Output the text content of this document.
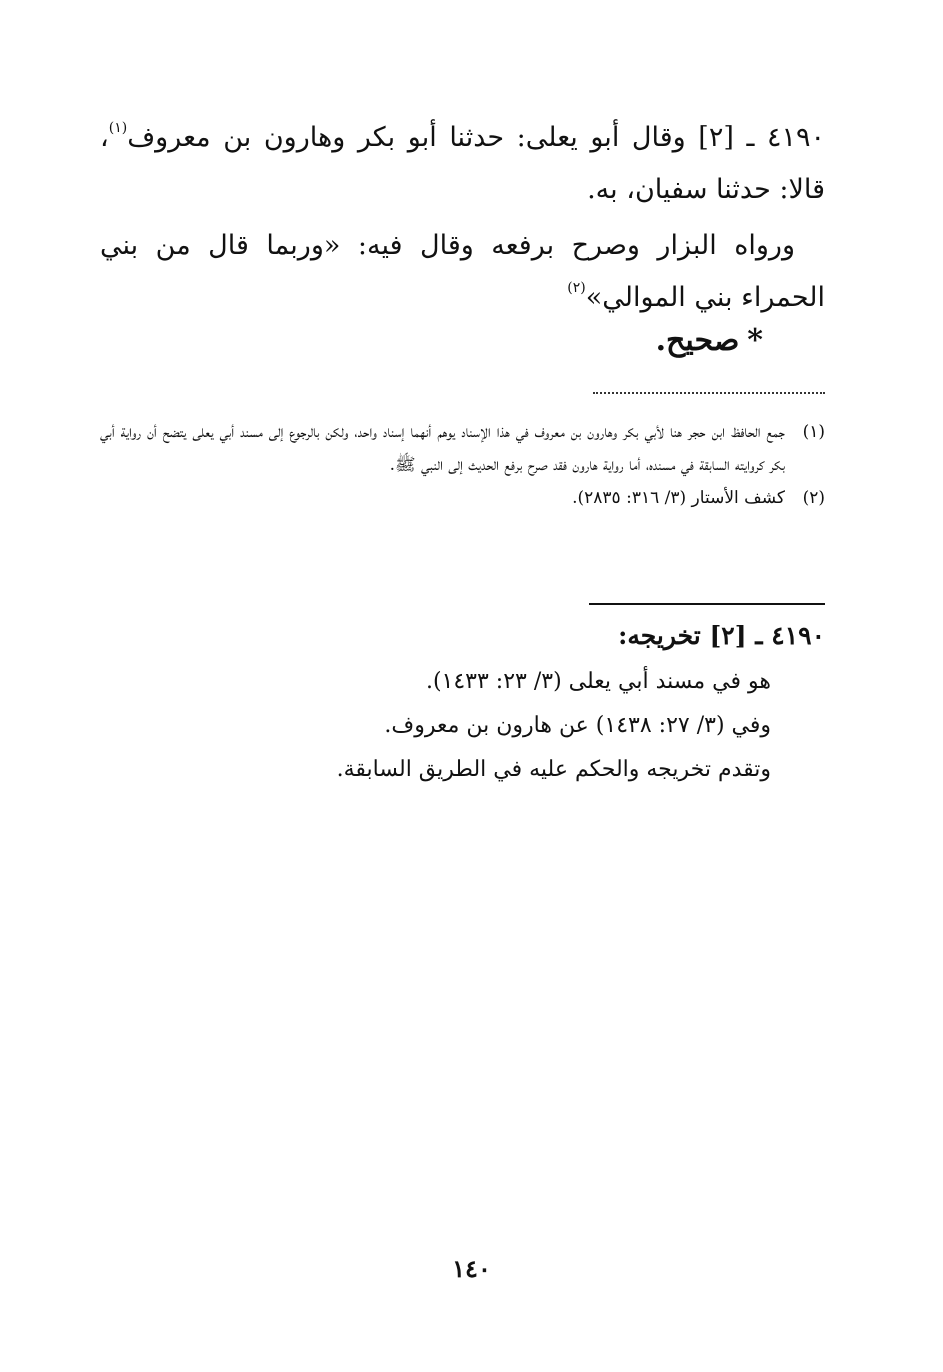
٤١٩٠ ـ [٢] وقال أبو يعلى: حدثنا أبو بكر وهارون بن معروف$^{(١)}$، قالا: حدثنا سفيان، به.

ورواه البزار وصرح برفعه وقال فيه: «وربما قال من بني الحمراء بني الموالي»$^{(٢)}$

*صحيح.
(١)
جمع الحافظ ابن حجر هنا لأبي بكر وهارون بن معروف في هذا الإسناد يوهم أنهما إسناد واحد، ولكن بالرجوع إلى مسند أبي يعلى يتضح أن رواية أبي بكر كروايته السابقة في مسنده، أما رواية هارون فقد صرح برفع الحديث إلى النبي ﷺ.
(٢)
كشف الأستار (٣/ ٣١٦: ٢٨٣٥).
٤١٩٠ ـ [٢] تخريجه:
هو في مسند أبي يعلى (٣/ ٢٣: ١٤٣٣).
وفي (٣/ ٢٧: ١٤٣٨) عن هارون بن معروف.
وتقدم تخريجه والحكم عليه في الطريق السابقة.
١٤٠
